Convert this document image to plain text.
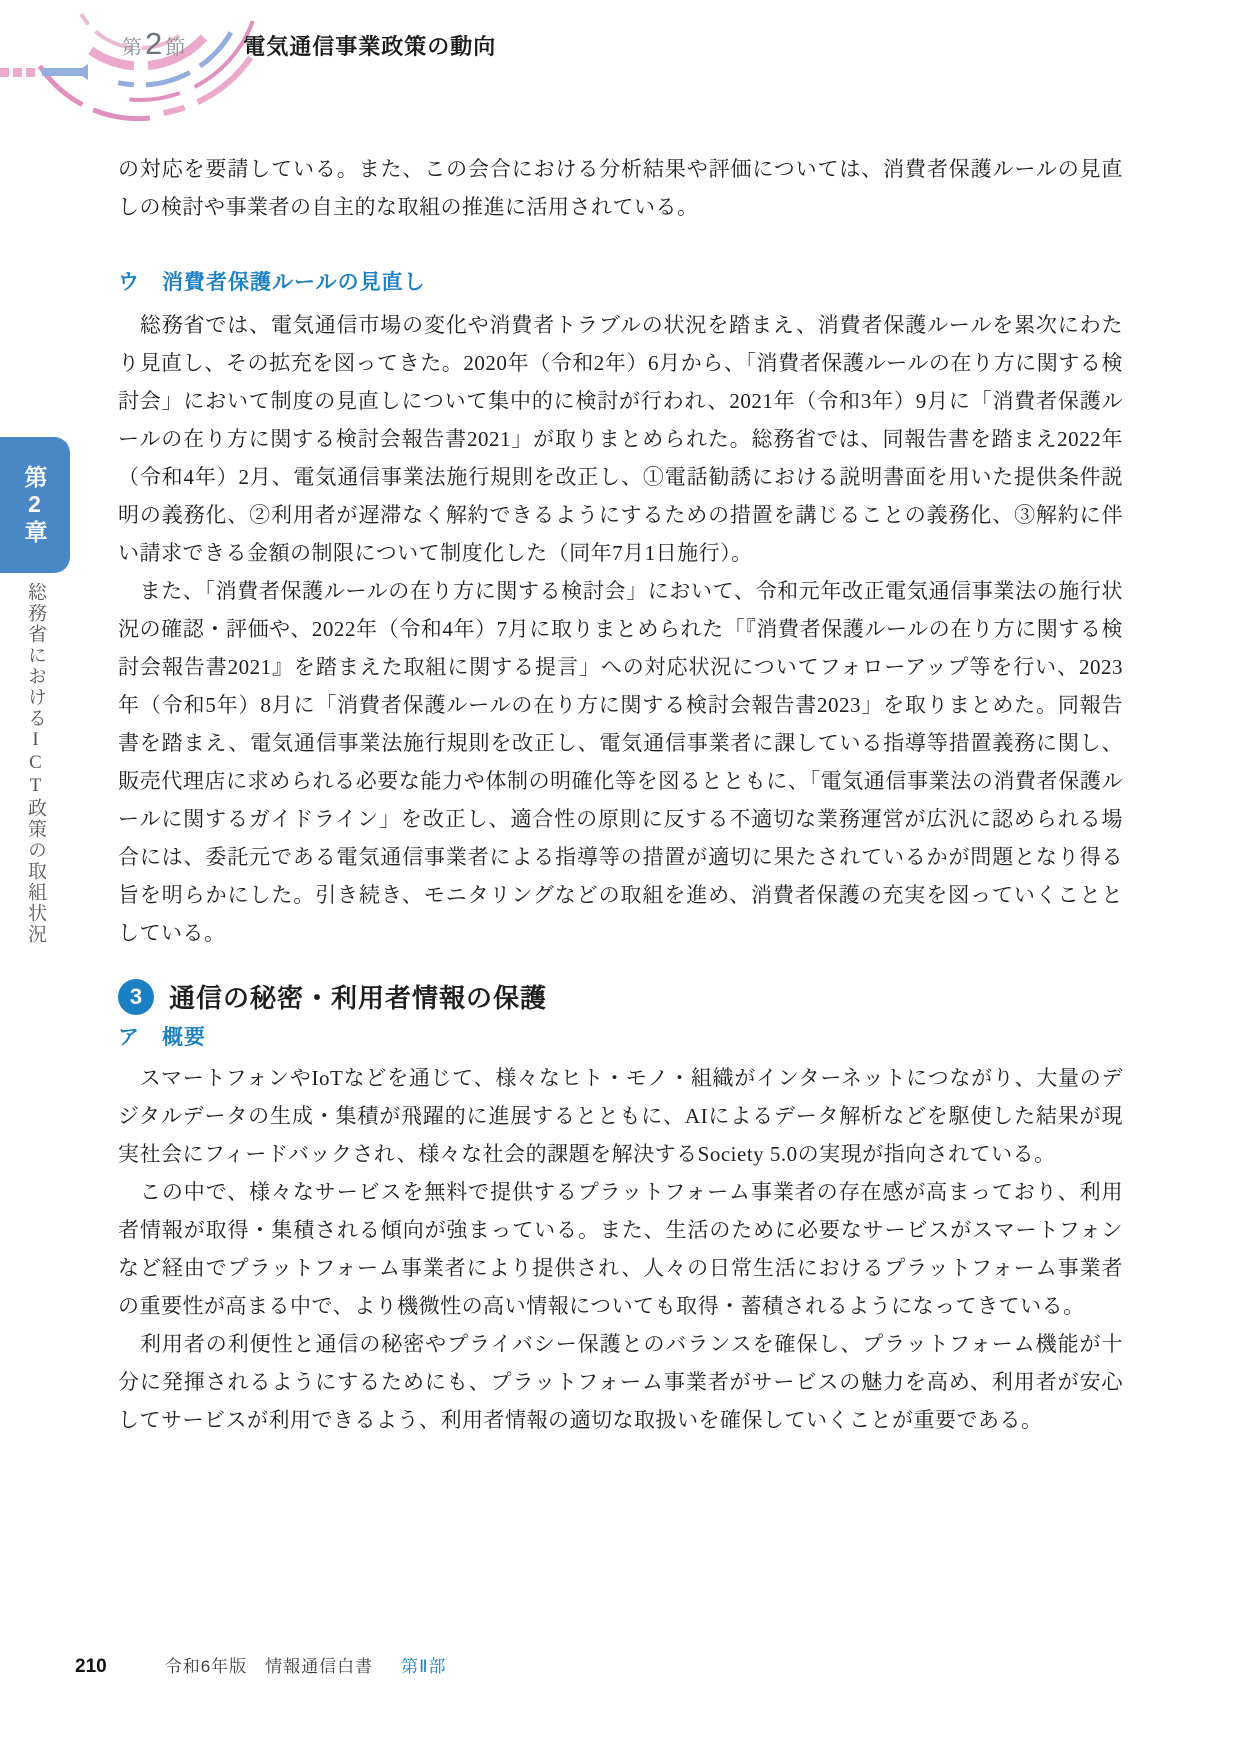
第 2 節	電気通信事業政策の動向
第2章
総務省におけるICT政策の取組状況

の対応を要請している。また、この会合における分析結果や評価については、消費者保護ルールの見直しの検討や事業者の自主的な取組の推進に活用されている。

ウ　消費者保護ルールの見直し

　総務省では、電気通信市場の変化や消費者トラブルの状況を踏まえ、消費者保護ルールを累次にわたり見直し、その拡充を図ってきた。2020年（令和2年）6月から、「消費者保護ルールの在り方に関する検討会」において制度の見直しについて集中的に検討が行われ、2021年（令和3年）9月に「消費者保護ルールの在り方に関する検討会報告書2021」が取りまとめられた。総務省では、同報告書を踏まえ2022年（令和4年）2月、電気通信事業法施行規則を改正し、①電話勧誘における説明書面を用いた提供条件説明の義務化、②利用者が遅滞なく解約できるようにするための措置を講じることの義務化、③解約に伴い請求できる金額の制限について制度化した（同年7月1日施行）。

　また、「消費者保護ルールの在り方に関する検討会」において、令和元年改正電気通信事業法の施行状況の確認・評価や、2022年（令和4年）7月に取りまとめられた「『消費者保護ルールの在り方に関する検討会報告書2021』を踏まえた取組に関する提言」への対応状況についてフォローアップ等を行い、2023年（令和5年）8月に「消費者保護ルールの在り方に関する検討会報告書2023」を取りまとめた。同報告書を踏まえ、電気通信事業法施行規則を改正し、電気通信事業者に課している指導等措置義務に関し、販売代理店に求められる必要な能力や体制の明確化等を図るとともに、「電気通信事業法の消費者保護ルールに関するガイドライン」を改正し、適合性の原則に反する不適切な業務運営が広汎に認められる場合には、委託元である電気通信事業者による指導等の措置が適切に果たされているかが問題となり得る旨を明らかにした。引き続き、モニタリングなどの取組を進め、消費者保護の充実を図っていくこととしている。

3	通信の秘密・利用者情報の保護
ア　概要

　スマートフォンやIoTなどを通じて、様々なヒト・モノ・組織がインターネットにつながり、大量のデジタルデータの生成・集積が飛躍的に進展するとともに、AIによるデータ解析などを駆使した結果が現実社会にフィードバックされ、様々な社会的課題を解決するSociety 5.0の実現が指向されている。

　この中で、様々なサービスを無料で提供するプラットフォーム事業者の存在感が高まっており、利用者情報が取得・集積される傾向が強まっている。また、生活のために必要なサービスがスマートフォンなど経由でプラットフォーム事業者により提供され、人々の日常生活におけるプラットフォーム事業者の重要性が高まる中で、より機微性の高い情報についても取得・蓄積されるようになってきている。

　利用者の利便性と通信の秘密やプライバシー保護とのバランスを確保し、プラットフォーム機能が十分に発揮されるようにするためにも、プラットフォーム事業者がサービスの魅力を高め、利用者が安心してサービスが利用できるよう、利用者情報の適切な取扱いを確保していくことが重要である。

210	令和6年版　情報通信白書 第Ⅱ部
